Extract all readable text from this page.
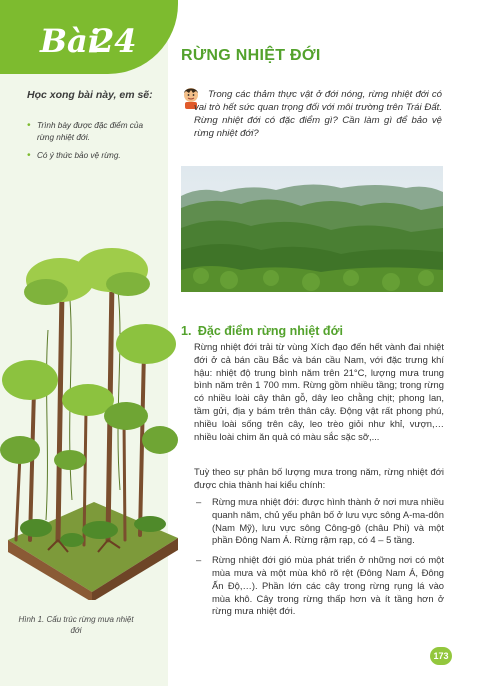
Bài
24
Học xong bài này, em sẽ:
• Trình bày được đặc điểm của rừng nhiệt đới.
• Có ý thức bảo vệ rừng.
Hình 1. Cấu trúc rừng mưa nhiệt đới
RỪNG NHIỆT ĐỚI

Trong các thảm thực vật ở đới nóng, rừng nhiệt đới có vai trò hết sức quan trọng đối với môi trường trên Trái Đất. Rừng nhiệt đới có đặc điểm gì? Cần làm gì để bảo vệ rừng nhiệt đới?

1. Đặc điểm rừng nhiệt đới

Rừng nhiệt đới trải từ vùng Xích đạo đến hết vành đai nhiệt đới ở cả bán cầu Bắc và bán cầu Nam, với đặc trưng khí hậu: nhiệt độ trung bình năm trên 21°C, lượng mưa trung bình năm trên 1 700 mm. Rừng gồm nhiều tầng; trong rừng có nhiều loài cây thân gỗ, dây leo chằng chịt; phong lan, tầm gửi, địa y bám trên thân cây. Động vật rất phong phú, nhiều loài sống trên cây, leo trèo giỏi như khỉ, vượn,… nhiều loài chim ăn quả có màu sắc sặc sỡ,...

Tuỳ theo sự phân bố lượng mưa trong năm, rừng nhiệt đới được chia thành hai kiểu chính:

– Rừng mưa nhiệt đới: được hình thành ở nơi mưa nhiều quanh năm, chủ yếu phân bố ở lưu vực sông A-ma-dôn (Nam Mỹ), lưu vực sông Công-gô (châu Phi) và một phần Đông Nam Á. Rừng rậm rạp, có 4 – 5 tầng.
– Rừng nhiệt đới gió mùa phát triển ở những nơi có một mùa mưa và một mùa khô rõ rệt (Đông Nam Á, Đông Ấn Độ,…). Phần lớn các cây trong rừng rụng lá vào mùa khô. Cây trong rừng thấp hơn và ít tầng hơn ở rừng mưa nhiệt đới.
173
